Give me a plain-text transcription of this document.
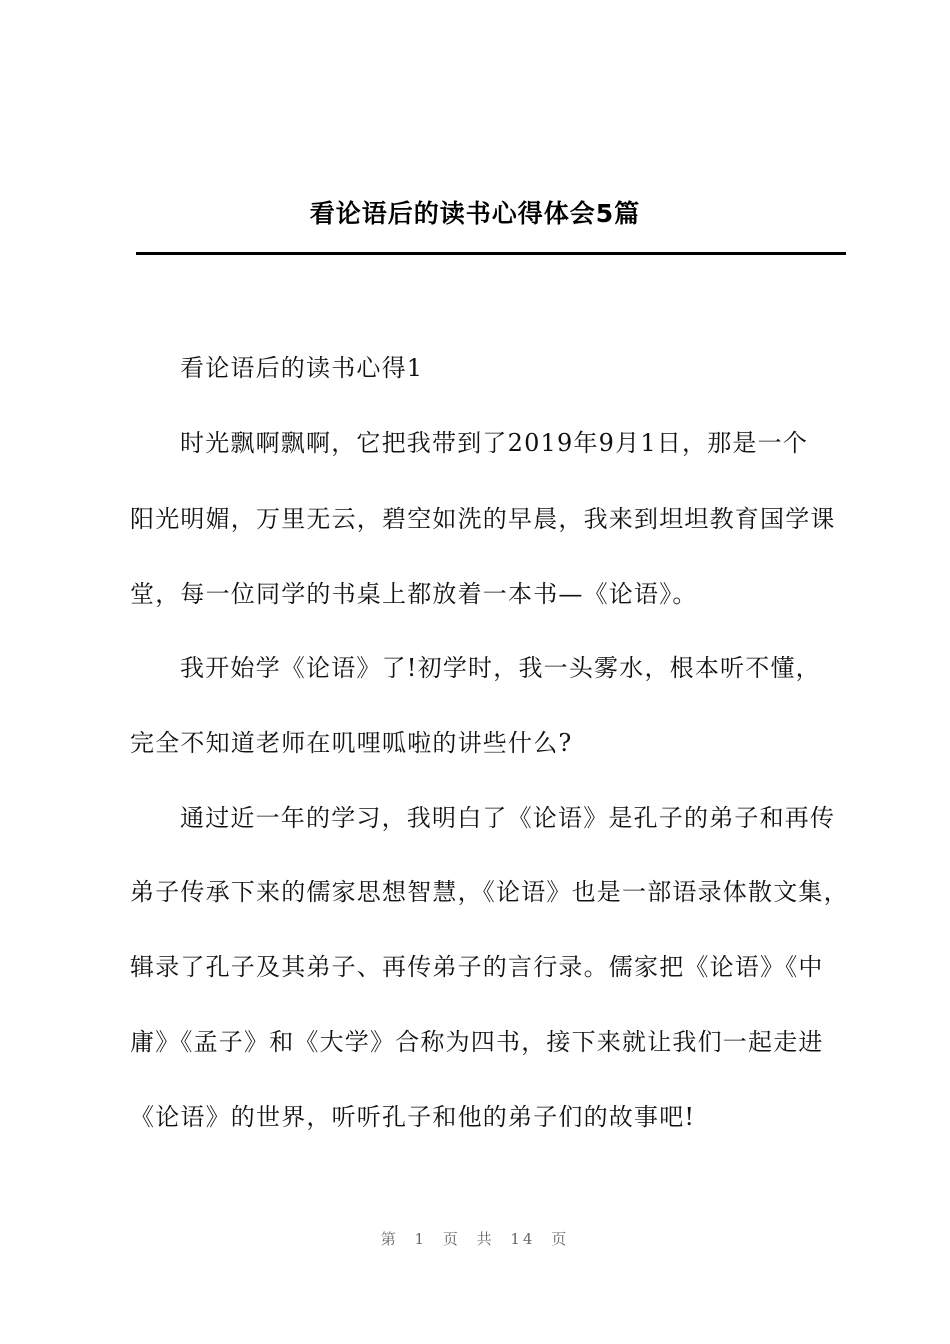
看论语后的读书心得体会5篇
看论语后的读书心得1
时光飘啊飘啊，它把我带到了2019年9月1日，那是一个
阳光明媚，万里无云，碧空如洗的早晨，我来到坦坦教育国学课
堂，每一位同学的书桌上都放着一本书—《论语》。
我开始学《论语》了!初学时，我一头雾水，根本听不懂，
完全不知道老师在叽哩呱啦的讲些什么?
通过近一年的学习，我明白了《论语》是孔子的弟子和再传
弟子传承下来的儒家思想智慧，《论语》也是一部语录体散文集，
辑录了孔子及其弟子、再传弟子的言行录。儒家把《论语》《中
庸》《孟子》和《大学》合称为四书，接下来就让我们一起走进
《论语》的世界，听听孔子和他的弟子们的故事吧!
第 1 页 共 14 页
